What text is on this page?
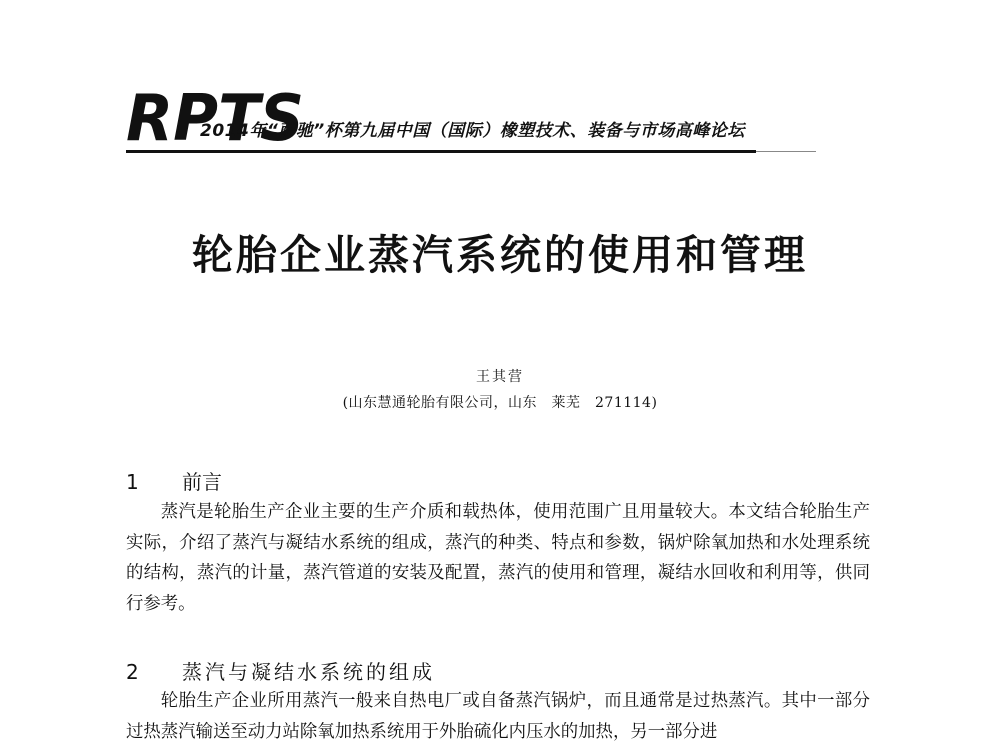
RPTS
2014年“萨驰”杯第九届中国（国际）橡塑技术、装备与市场高峰论坛
轮胎企业蒸汽系统的使用和管理
王其营
(山东慧通轮胎有限公司，山东　莱芜　271114)
1 前言

蒸汽是轮胎生产企业主要的生产介质和载热体，使用范围广且用量较大。本文结合轮胎生产实际，介绍了蒸汽与凝结水系统的组成，蒸汽的种类、特点和参数，锅炉除氧加热和水处理系统的结构，蒸汽的计量，蒸汽管道的安装及配置，蒸汽的使用和管理，凝结水回收和利用等，供同行参考。

2 蒸汽与凝结水系统的组成

轮胎生产企业所用蒸汽一般来自热电厂或自备蒸汽锅炉，而且通常是过热蒸汽。其中一部分过热蒸汽输送至动力站除氧加热系统用于外胎硫化内压水的加热，另一部分进
